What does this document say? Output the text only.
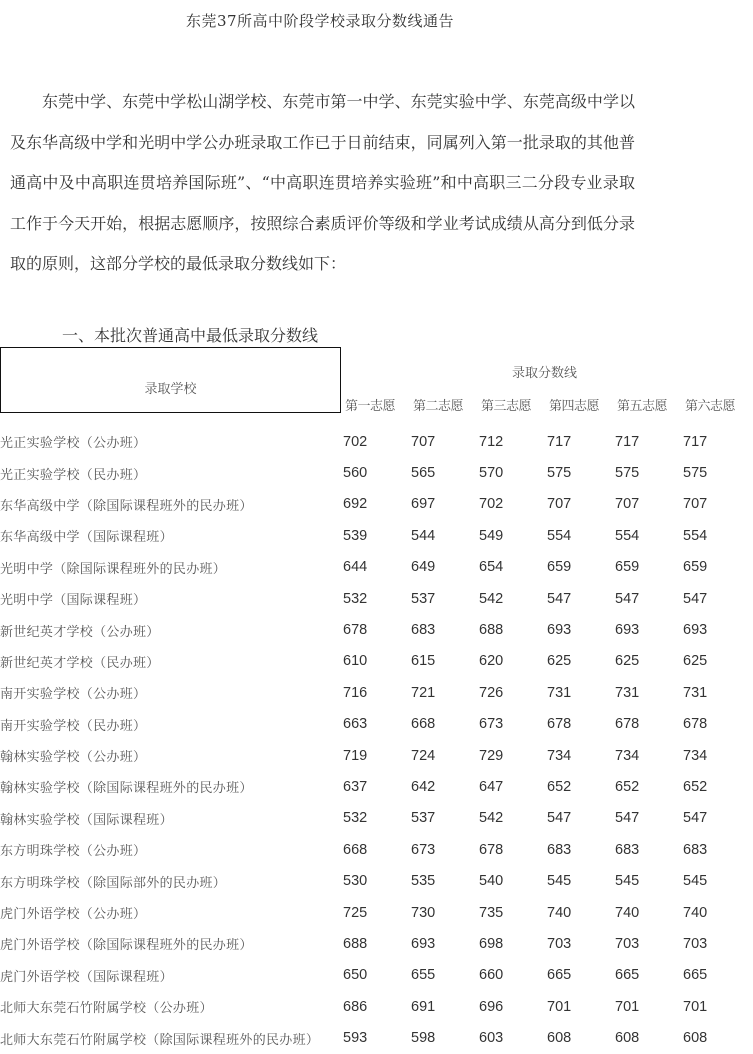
东莞37所高中阶段学校录取分数线通告

东莞中学、东莞中学松山湖学校、东莞市第一中学、东莞实验中学、东莞高级中学以及东华高级中学和光明中学公办班录取工作已于日前结束，同属列入第一批录取的其他普通高中及中高职连贯培养国际班”、“中高职连贯培养实验班”和中高职三二分段专业录取工作于今天开始，根据志愿顺序，按照综合素质评价等级和学业考试成绩从高分到低分录取的原则，这部分学校的最低录取分数线如下：

一、本批次普通高中最低录取分数线
录取学校
录取分数线
第一志愿	第二志愿	第三志愿	第四志愿	第五志愿	第六志愿
光正实验学校（公办班）	702	707	712	717	717	717
光正实验学校（民办班）	560	565	570	575	575	575
东华高级中学（除国际课程班外的民办班）	692	697	702	707	707	707
东华高级中学（国际课程班）	539	544	549	554	554	554
光明中学（除国际课程班外的民办班）	644	649	654	659	659	659
光明中学（国际课程班）	532	537	542	547	547	547
新世纪英才学校（公办班）	678	683	688	693	693	693
新世纪英才学校（民办班）	610	615	620	625	625	625
南开实验学校（公办班）	716	721	726	731	731	731
南开实验学校（民办班）	663	668	673	678	678	678
翰林实验学校（公办班）	719	724	729	734	734	734
翰林实验学校（除国际课程班外的民办班）	637	642	647	652	652	652
翰林实验学校（国际课程班）	532	537	542	547	547	547
东方明珠学校（公办班）	668	673	678	683	683	683
东方明珠学校（除国际部外的民办班）	530	535	540	545	545	545
虎门外语学校（公办班）	725	730	735	740	740	740
虎门外语学校（除国际课程班外的民办班）	688	693	698	703	703	703
虎门外语学校（国际课程班）	650	655	660	665	665	665
北师大东莞石竹附属学校（公办班）	686	691	696	701	701	701
北师大东莞石竹附属学校（除国际课程班外的民办班）	593	598	603	608	608	608
